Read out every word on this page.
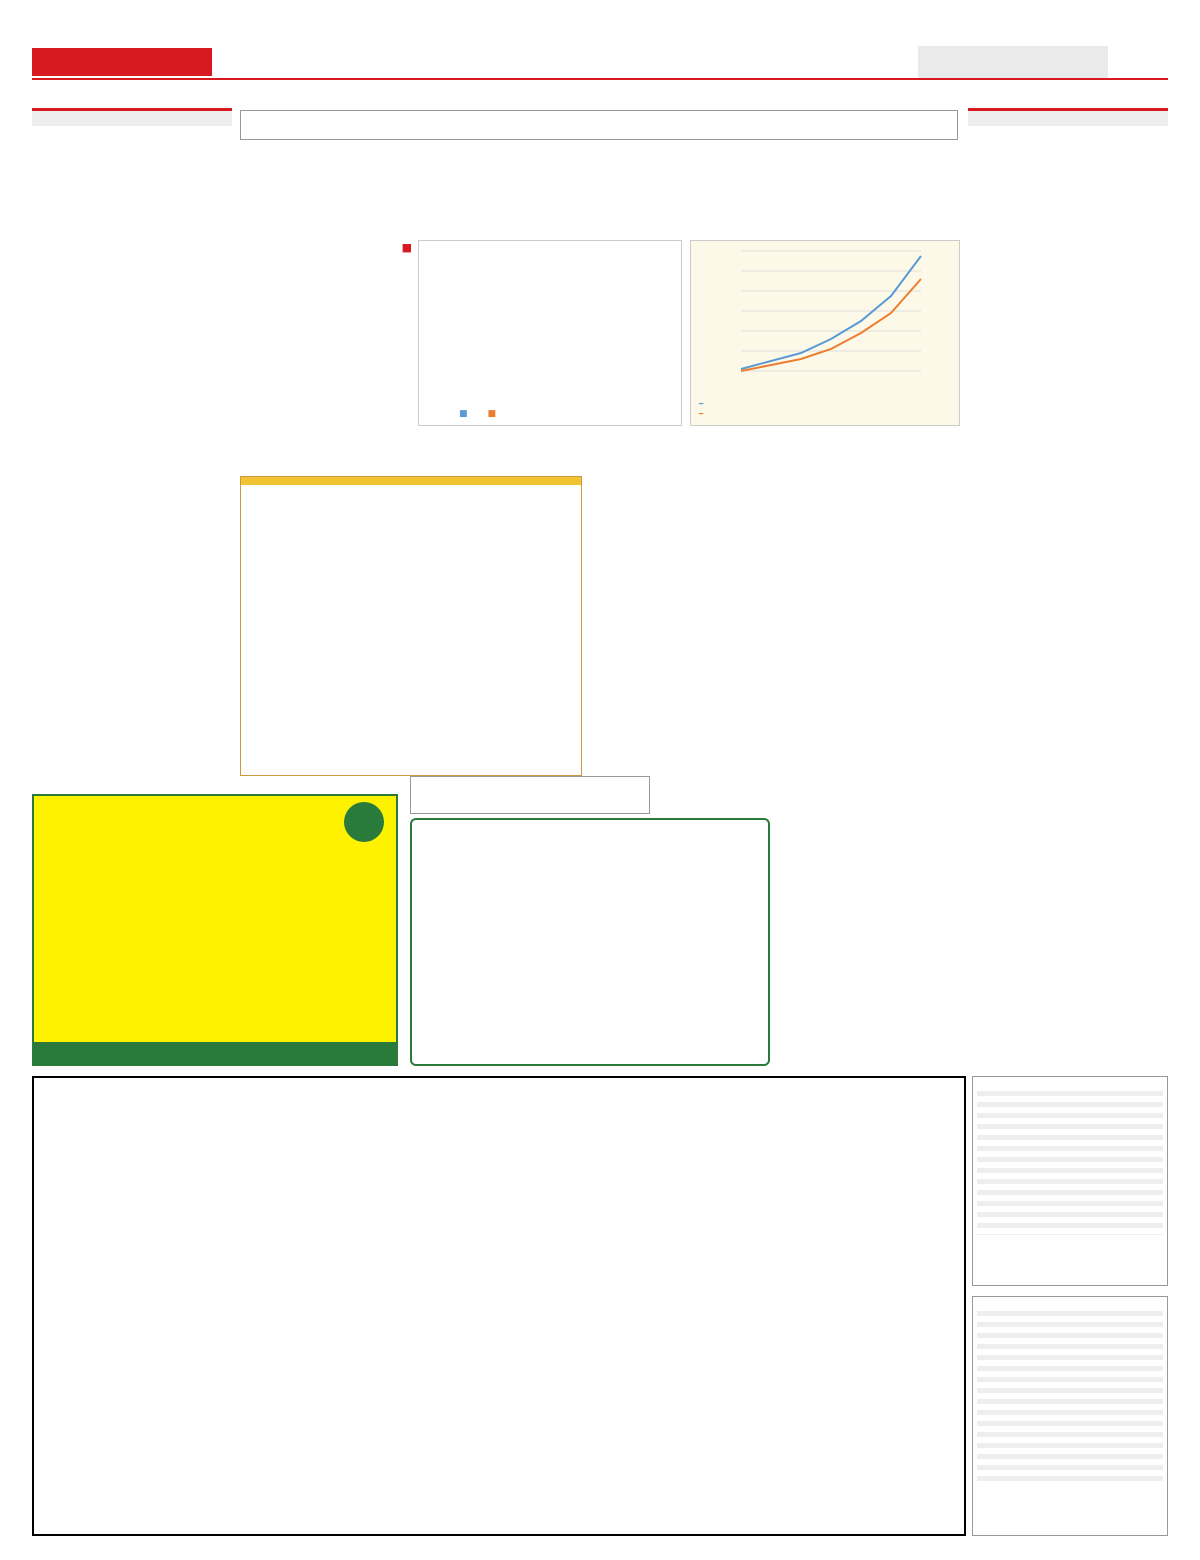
━
━
■
■
■
